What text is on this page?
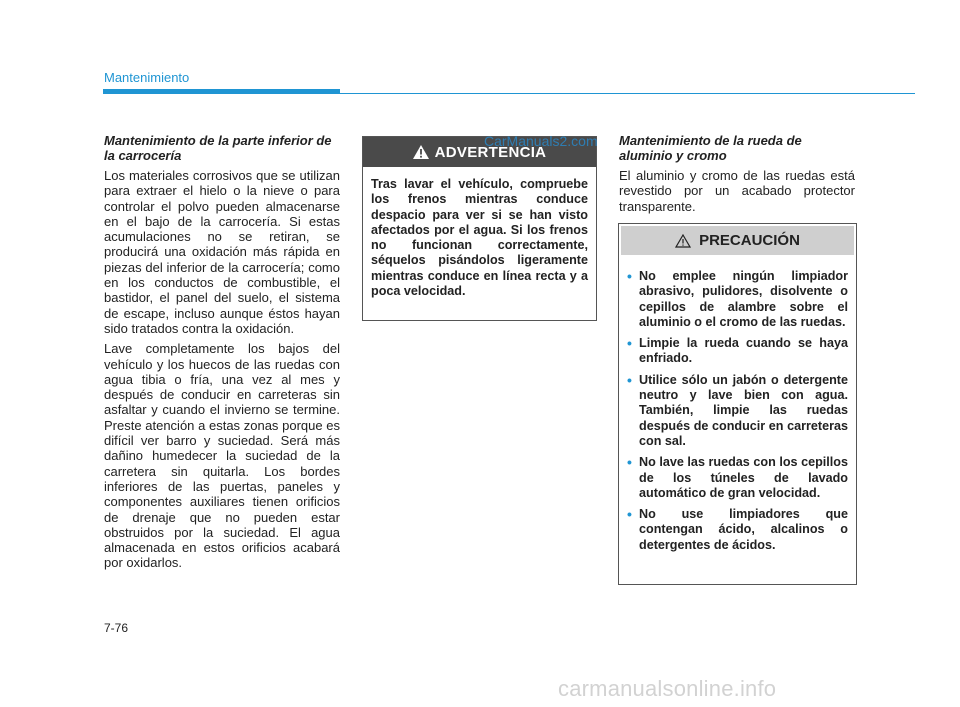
Mantenimiento
Mantenimiento de la parte inferior de la carrocería
Los materiales corrosivos que se utilizan para extraer el hielo o la nieve o para controlar el polvo pueden almacenarse en el bajo de la carrocería. Si estas acumulaciones no se retiran, se producirá una oxidación más rápida en piezas del inferior de la carrocería; como en los conductos de combustible, el bastidor, el panel del suelo, el sistema de escape, incluso aunque éstos hayan sido tratados contra la oxidación.
Lave completamente los bajos del vehículo y los huecos de las ruedas con agua tibia o fría, una vez al mes y después de conducir en carreteras sin asfaltar y cuando el invierno se termine. Preste atención a estas zonas porque es difícil ver barro y suciedad. Será más dañino humedecer la suciedad de la carretera sin quitarla. Los bordes inferiores de las puertas, paneles y componentes auxiliares tienen orificios de drenaje que no pueden estar obstruidos por la suciedad. El agua almacenada en estos orificios acabará por oxidarlos.
ADVERTENCIA
Tras lavar el vehículo, compruebe los frenos mientras conduce despacio para ver si se han visto afectados por el agua. Si los frenos no funcionan correctamente, séquelos pisándolos ligeramente mientras conduce en línea recta y a poca velocidad.
CarManuals2.com Mantenimiento de la rueda de aluminio y cromo
El aluminio y cromo de las ruedas está revestido por un acabado protector transparente.
PRECAUCIÓN
• No emplee ningún limpiador abrasivo, pulidores, disolvente o cepillos de alambre sobre el aluminio o el cromo de las ruedas.
• Limpie la rueda cuando se haya enfriado.
• Utilice sólo un jabón o detergente neutro y lave bien con agua. También, limpie las ruedas después de conducir en carreteras con sal.
• No lave las ruedas con los cepillos de los túneles de lavado automático de gran velocidad.
• No use limpiadores que contengan ácido, alcalinos o detergentes de ácidos.
7-76
carmanualsonline.info
